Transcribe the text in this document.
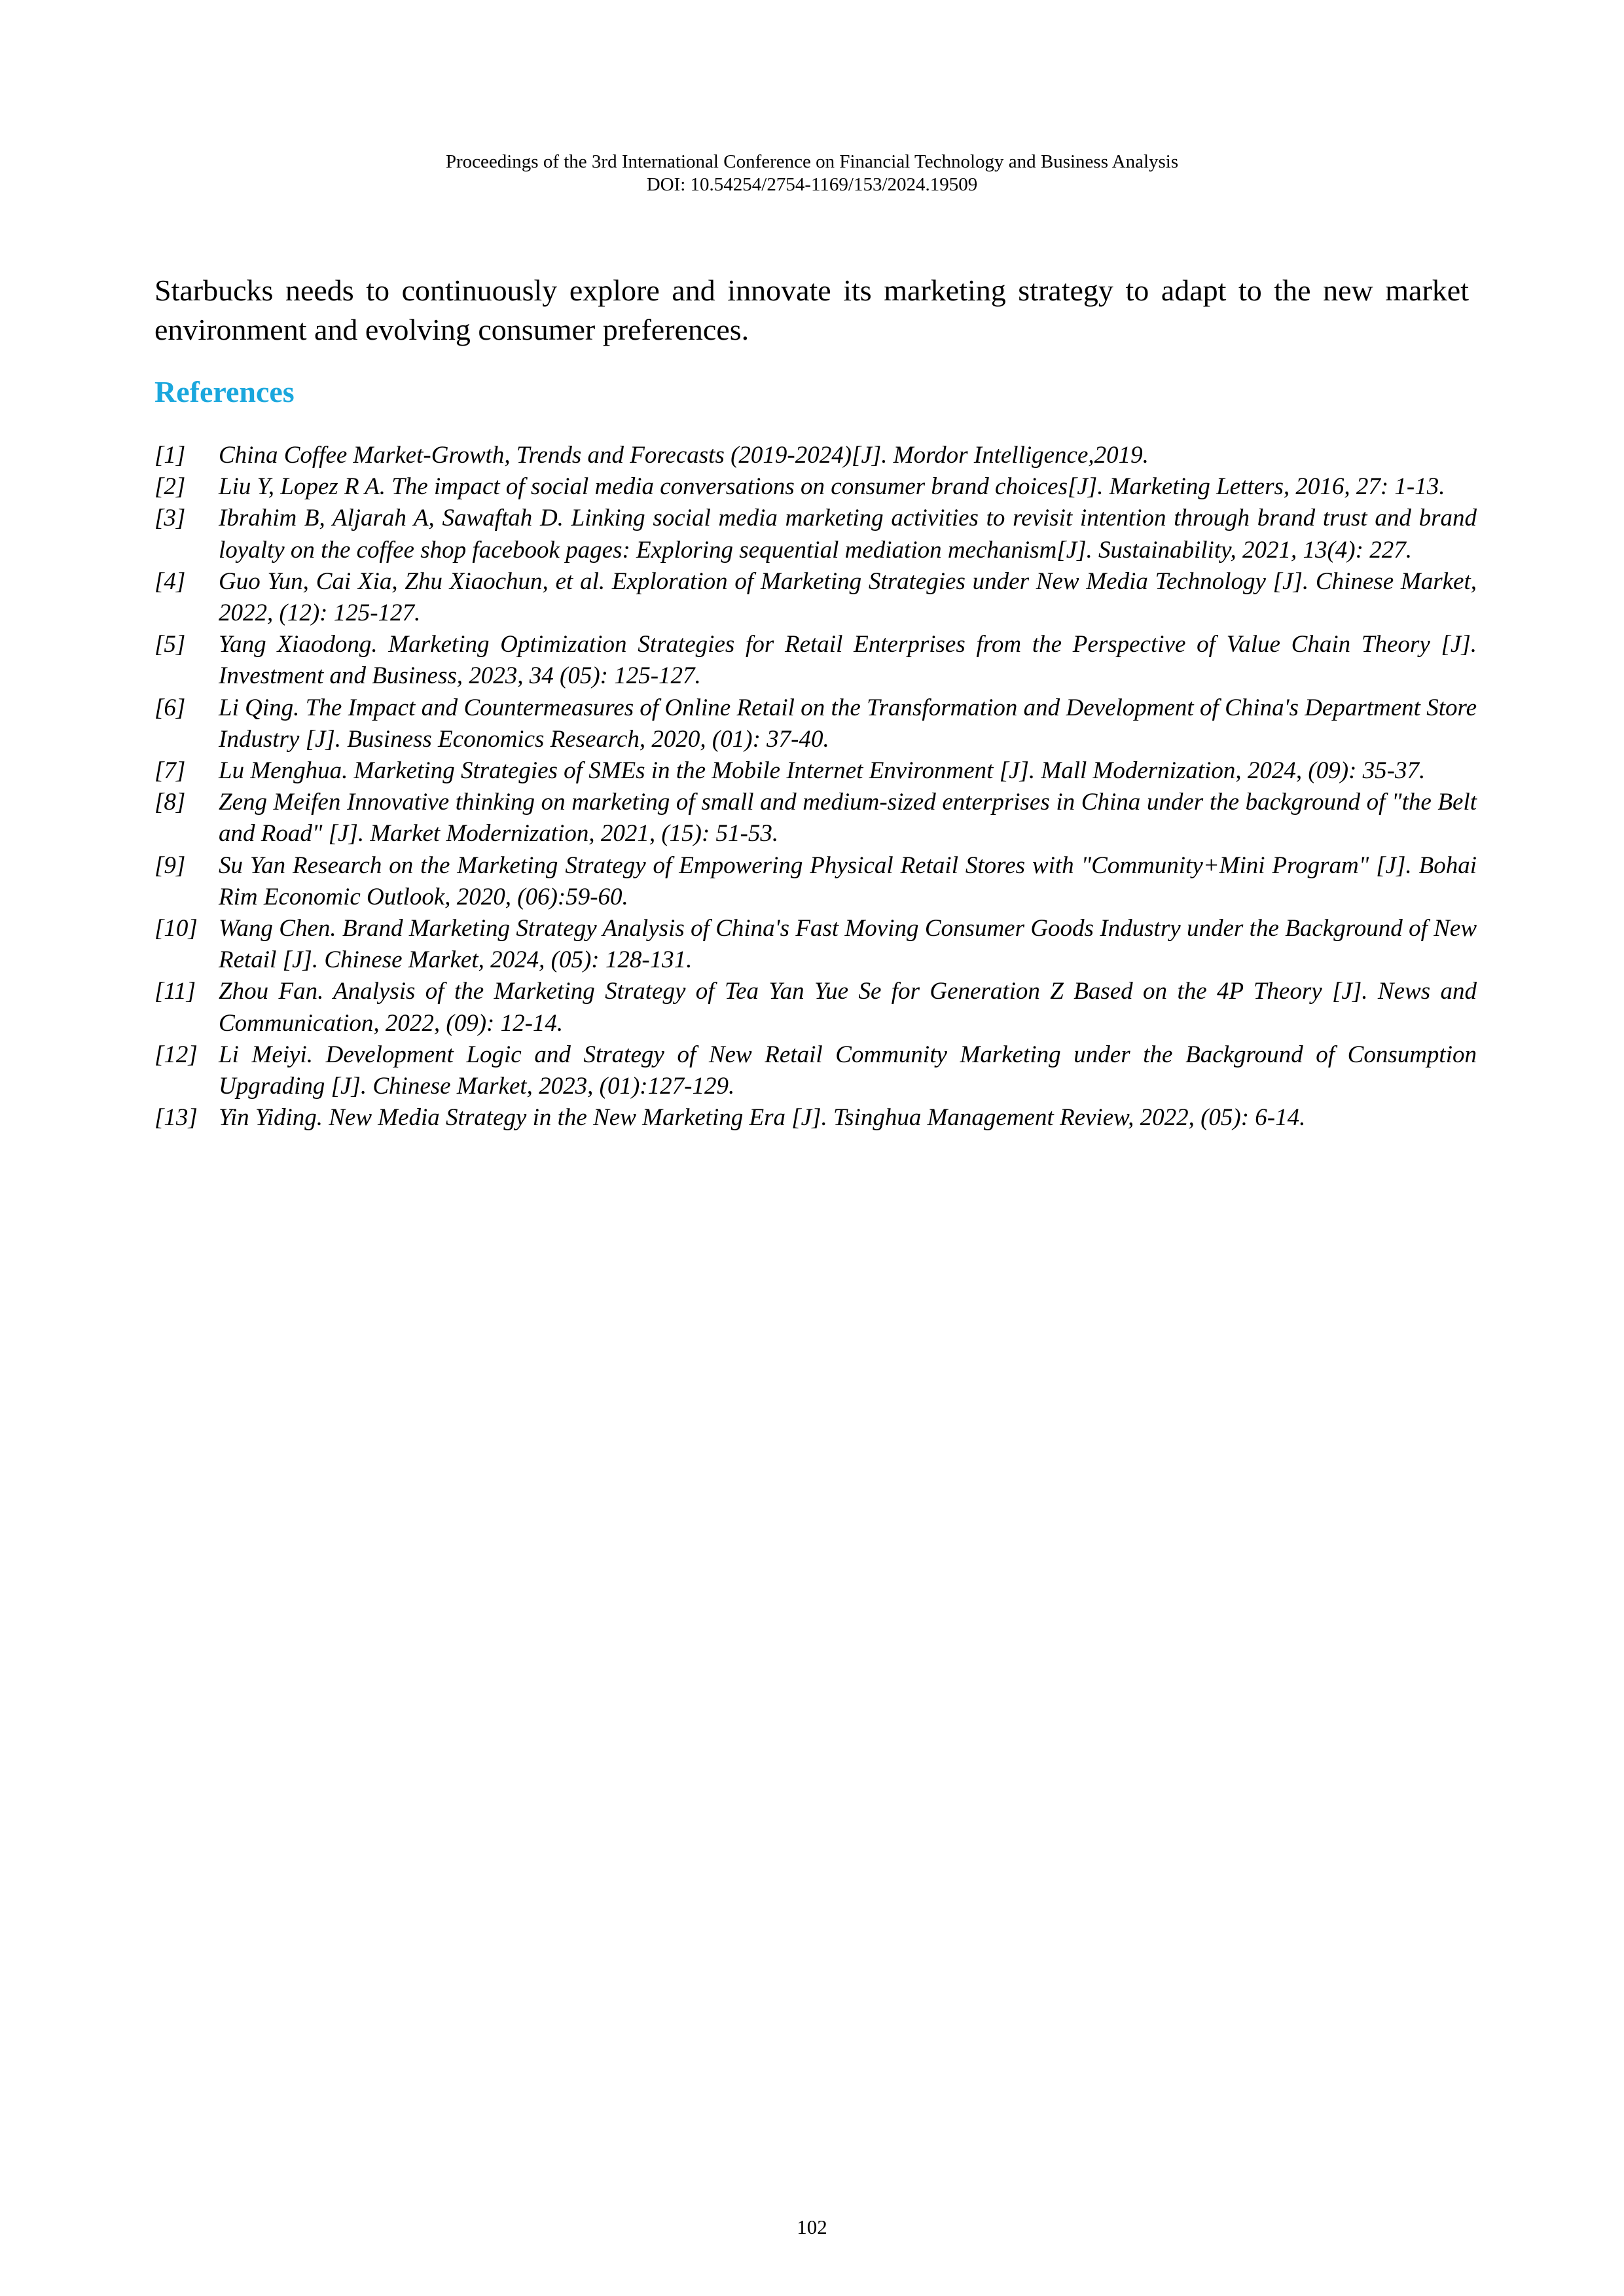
Proceedings of the 3rd International Conference on Financial Technology and Business Analysis
DOI: 10.54254/2754-1169/153/2024.19509

Starbucks needs to continuously explore and innovate its marketing strategy to adapt to the new market environment and evolving consumer preferences.

References
[1]	China Coffee Market-Growth, Trends and Forecasts (2019-2024)[J]. Mordor Intelligence,2019.
[2]	Liu Y, Lopez R A. The impact of social media conversations on consumer brand choices[J]. Marketing Letters, 2016, 27: 1-13.
[3]	Ibrahim B, Aljarah A, Sawaftah D. Linking social media marketing activities to revisit intention through brand trust and brand loyalty on the coffee shop facebook pages: Exploring sequential mediation mechanism[J]. Sustainability, 2021, 13(4): 227.
[4]	Guo Yun, Cai Xia, Zhu Xiaochun, et al. Exploration of Marketing Strategies under New Media Technology [J]. Chinese Market, 2022, (12): 125-127.
[5]	Yang Xiaodong. Marketing Optimization Strategies for Retail Enterprises from the Perspective of Value Chain Theory [J]. Investment and Business, 2023, 34 (05): 125-127.
[6]	Li Qing. The Impact and Countermeasures of Online Retail on the Transformation and Development of China's Department Store Industry [J]. Business Economics Research, 2020, (01): 37-40.
[7]	Lu Menghua. Marketing Strategies of SMEs in the Mobile Internet Environment [J]. Mall Modernization, 2024, (09): 35-37.
[8]	Zeng Meifen Innovative thinking on marketing of small and medium-sized enterprises in China under the background of "the Belt and Road" [J]. Market Modernization, 2021, (15): 51-53.
[9]	Su Yan Research on the Marketing Strategy of Empowering Physical Retail Stores with "Community+Mini Program" [J]. Bohai Rim Economic Outlook, 2020, (06):59-60.
[10] Wang Chen. Brand Marketing Strategy Analysis of China's Fast Moving Consumer Goods Industry under the Background of New Retail [J]. Chinese Market, 2024, (05): 128-131.
[11] Zhou Fan. Analysis of the Marketing Strategy of Tea Yan Yue Se for Generation Z Based on the 4P Theory [J]. News and Communication, 2022, (09): 12-14.
[12] Li Meiyi. Development Logic and Strategy of New Retail Community Marketing under the Background of Consumption Upgrading [J]. Chinese Market, 2023, (01):127-129.
[13] Yin Yiding. New Media Strategy in the New Marketing Era [J]. Tsinghua Management Review, 2022, (05): 6-14.
102
